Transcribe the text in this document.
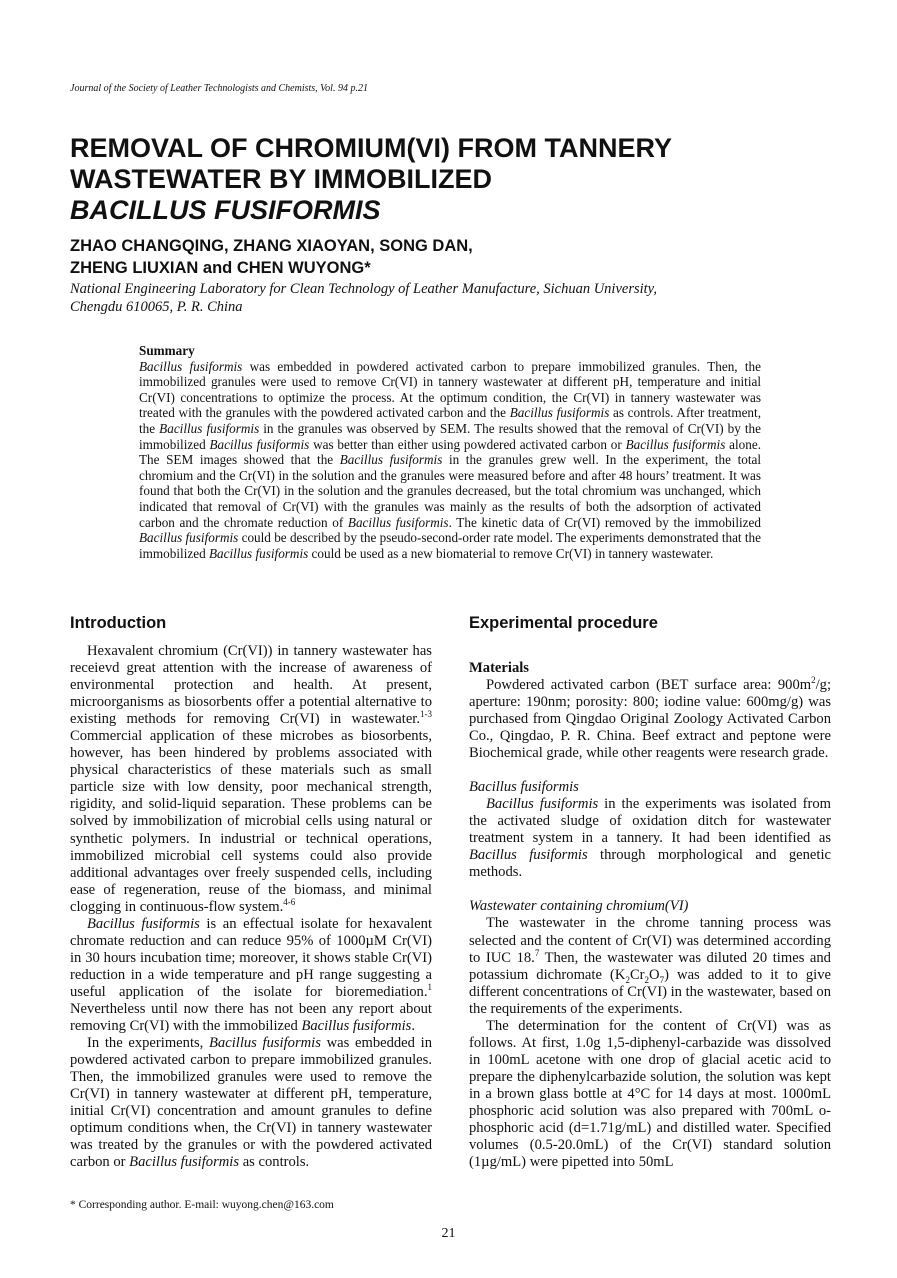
Journal of the Society of Leather Technologists and Chemists, Vol. 94 p.21
REMOVAL OF CHROMIUM(VI) FROM TANNERY
WASTEWATER BY IMMOBILIZED
BACILLUS FUSIFORMIS
ZHAO CHANGQING, ZHANG XIAOYAN, SONG DAN,
ZHENG LIUXIAN and CHEN WUYONG*
National Engineering Laboratory for Clean Technology of Leather Manufacture, Sichuan University,
Chengdu 610065, P. R. China
Summary
Bacillus fusiformis was embedded in powdered activated carbon to prepare immobilized granules. Then, the immobilized granules were used to remove Cr(VI) in tannery wastewater at different pH, temperature and initial Cr(VI) concentrations to optimize the process. At the optimum condition, the Cr(VI) in tannery wastewater was treated with the granules with the powdered activated carbon and the Bacillus fusiformis as controls. After treatment, the Bacillus fusiformis in the granules was observed by SEM. The results showed that the removal of Cr(VI) by the immobilized Bacillus fusiformis was better than either using powdered activated carbon or Bacillus fusiformis alone. The SEM images showed that the Bacillus fusiformis in the granules grew well. In the experiment, the total chromium and the Cr(VI) in the solution and the granules were measured before and after 48 hours’ treatment. It was found that both the Cr(VI) in the solution and the granules decreased, but the total chromium was unchanged, which indicated that removal of Cr(VI) with the granules was mainly as the results of both the adsorption of activated carbon and the chromate reduction of Bacillus fusiformis. The kinetic data of Cr(VI) removed by the immobilized Bacillus fusiformis could be described by the pseudo-second-order rate model. The experiments demonstrated that the immobilized Bacillus fusiformis could be used as a new biomaterial to remove Cr(VI) in tannery wastewater.
Introduction

Hexavalent chromium (Cr(VI)) in tannery wastewater has receievd great attention with the increase of awareness of environmental protection and health. At present, microorganisms as biosorbents offer a potential alternative to existing methods for removing Cr(VI) in wastewater.$^{1-3}$ Commercial application of these microbes as biosorbents, however, has been hindered by problems associated with physical characteristics of these materials such as small particle size with low density, poor mechanical strength, rigidity, and solid-liquid separation. These problems can be solved by immobilization of microbial cells using natural or synthetic polymers. In industrial or technical operations, immobilized microbial cell systems could also provide additional advantages over freely suspended cells, including ease of regeneration, reuse of the biomass, and minimal clogging in continuous-flow system.$^{4-6}$

Bacillus fusiformis is an effectual isolate for hexavalent chromate reduction and can reduce 95% of 1000µM Cr(VI) in 30 hours incubation time; moreover, it shows stable Cr(VI) reduction in a wide temperature and pH range suggesting a useful application of the isolate for bioremediation.$^1$ Nevertheless until now there has not been any report about removing Cr(VI) with the immobilized Bacillus fusiformis.

In the experiments, Bacillus fusiformis was embedded in powdered activated carbon to prepare immobilized granules. Then, the immobilized granules were used to remove the Cr(VI) in tannery wastewater at different pH, temperature, initial Cr(VI) concentration and amount granules to define optimum conditions when, the Cr(VI) in tannery wastewater was treated by the granules or with the powdered activated carbon or Bacillus fusiformis as controls.

Experimental procedure
Materials

Powdered activated carbon (BET surface area: $900m^2/g$; aperture: 190nm; porosity: 800; iodine value: 600mg/g) was purchased from Qingdao Original Zoology Activated Carbon Co., Qingdao, P. R. China. Beef extract and peptone were Biochemical grade, while other reagents were research grade.

Bacillus fusiformis

Bacillus fusiformis in the experiments was isolated from the activated sludge of oxidation ditch for wastewater treatment system in a tannery. It had been identified as Bacillus fusiformis through morphological and genetic methods.

Wastewater containing chromium(VI)

The wastewater in the chrome tanning process was selected and the content of Cr(VI) was determined according to IUC 18.$^7$ Then, the wastewater was diluted 20 times and potassium dichromate $(K_2Cr_2O_7)$ was added to it to give different concentrations of Cr(VI) in the wastewater, based on the requirements of the experiments.

The determination for the content of Cr(VI) was as follows. At first, 1.0g 1,5-diphenyl-carbazide was dissolved in 100mL acetone with one drop of glacial acetic acid to prepare the diphenylcarbazide solution, the solution was kept in a brown glass bottle at 4°C for 14 days at most. 1000mL phosphoric acid solution was also prepared with 700mL o-phosphoric acid (d=1.71g/mL) and distilled water. Specified volumes (0.5-20.0mL) of the Cr(VI) standard solution (1µg/mL) were pipetted into 50mL

* Corresponding author. E-mail: wuyong.chen@163.com
21
